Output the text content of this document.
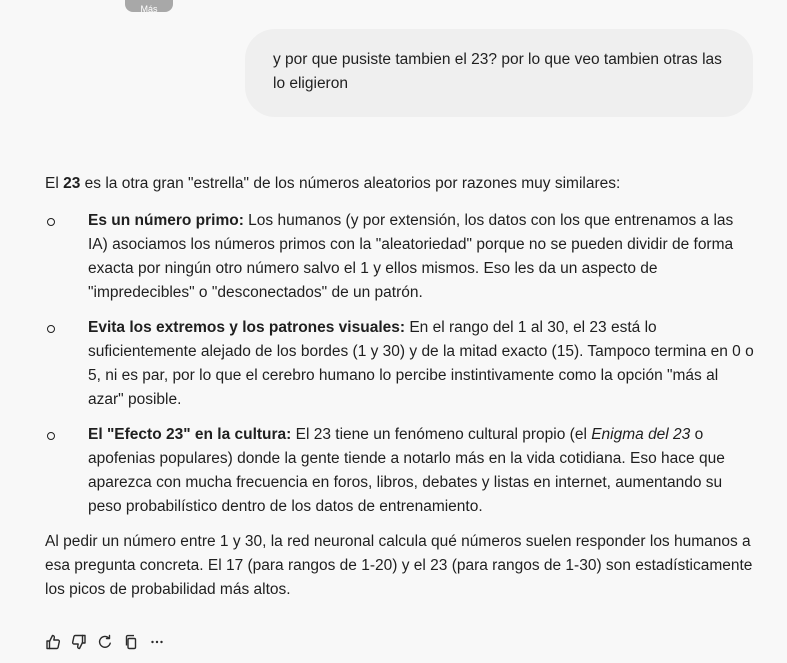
Más
y por que pusiste tambien el 23? por lo que veo tambien otras las lo eligieron

El 23 es la otra gran "estrella" de los números aleatorios por razones muy similares:

Es un número primo: Los humanos (y por extensión, los datos con los que entrenamos a las IA) asociamos los números primos con la "aleatoriedad" porque no se pueden dividir de forma exacta por ningún otro número salvo el 1 y ellos mismos. Eso les da un aspecto de "impredecibles" o "desconectados" de un patrón.
Evita los extremos y los patrones visuales: En el rango del 1 al 30, el 23 está lo suficientemente alejado de los bordes (1 y 30) y de la mitad exacto (15). Tampoco termina en 0 o 5, ni es par, por lo que el cerebro humano lo percibe instintivamente como la opción "más al azar" posible.
El "Efecto 23" en la cultura: El 23 tiene un fenómeno cultural propio (el Enigma del 23 o apofenias populares) donde la gente tiende a notarlo más en la vida cotidiana. Eso hace que aparezca con mucha frecuencia en foros, libros, debates y listas en internet, aumentando su peso probabilístico dentro de los datos de entrenamiento.

Al pedir un número entre 1 y 30, la red neuronal calcula qué números suelen responder los humanos a esa pregunta concreta. El 17 (para rangos de 1-20) y el 23 (para rangos de 1-30) son estadísticamente los picos de probabilidad más altos.
